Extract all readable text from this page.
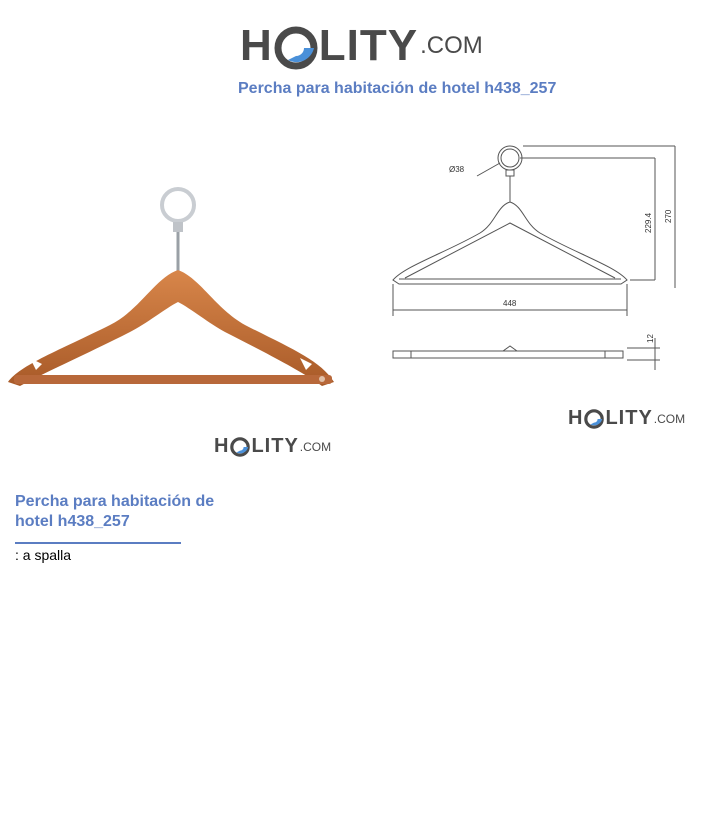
H LITY .COM
Percha para habitación de hotel h438_257
H LITY .COM
Ø38
448
229.4 270
12
H LITY .COM
Percha para habitación de hotel h438_257
: a spalla
